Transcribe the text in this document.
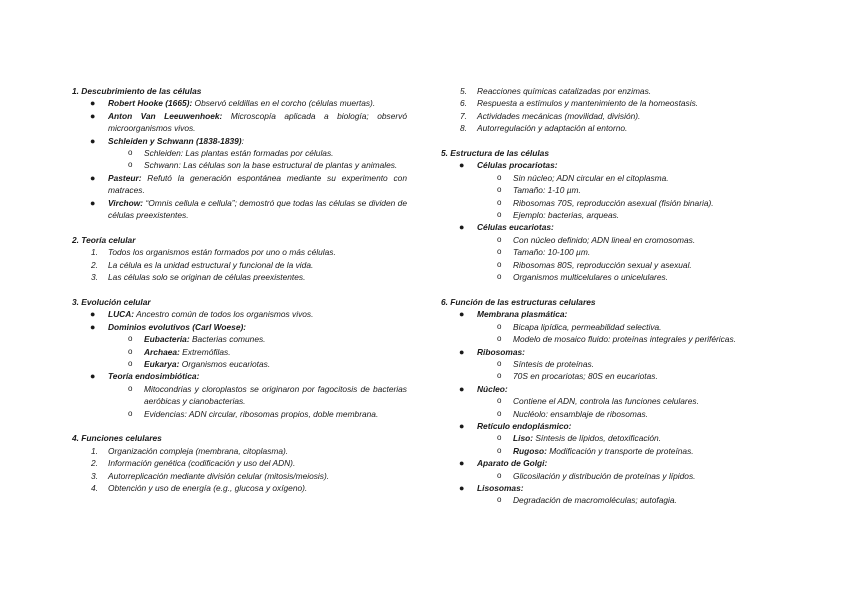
1. Descubrimiento de las células
● Robert Hooke (1665): Observó celdillas en el corcho (células muertas).
● Anton Van Leeuwenhoek: Microscopía aplicada a biología; observó microorganismos vivos.
● Schleiden y Schwann (1838-1839):
o Schleiden: Las plantas están formadas por células.
o Schwann: Las células son la base estructural de plantas y animales.
● Pasteur: Refutó la generación espontánea mediante su experimento con matraces.
● Virchow: “Omnis cellula e cellula”; demostró que todas las células se dividen de células preexistentes.
2. Teoría celular
1. Todos los organismos están formados por uno o más células.
2. La célula es la unidad estructural y funcional de la vida.
3. Las células solo se originan de células preexistentes.
3. Evolución celular
● LUCA: Ancestro común de todos los organismos vivos.
● Dominios evolutivos (Carl Woese):
o Eubacteria: Bacterias comunes.
o Archaea: Extremófilas.
o Eukarya: Organismos eucariotas.
● Teoría endosimbiótica:
o Mitocondrias y cloroplastos se originaron por fagocitosis de bacterias aeróbicas y cianobacterias.
o Evidencias: ADN circular, ribosomas propios, doble membrana.
4. Funciones celulares
1. Organización compleja (membrana, citoplasma).
2. Información genética (codificación y uso del ADN).
3. Autorreplicación mediante división celular (mitosis/meiosis).
4. Obtención y uso de energía (e.g., glucosa y oxígeno).
5. Reacciones químicas catalizadas por enzimas.
6. Respuesta a estímulos y mantenimiento de la homeostasis.
7. Actividades mecánicas (movilidad, división).
8. Autorregulación y adaptación al entorno.
5. Estructura de las células
● Células procariotas:
o Sin núcleo; ADN circular en el citoplasma.
o Tamaño: 1-10 µm.
o Ribosomas 70S, reproducción asexual (fisión binaria).
o Ejemplo: bacterias, arqueas.
● Células eucariotas:
o Con núcleo definido; ADN lineal en cromosomas.
o Tamaño: 10-100 µm.
o Ribosomas 80S, reproducción sexual y asexual.
o Organismos multicelulares o unicelulares.
6. Función de las estructuras celulares
● Membrana plasmática:
o Bicapa lipídica, permeabilidad selectiva.
o Modelo de mosaico fluido: proteínas integrales y periféricas.
● Ribosomas:
o Síntesis de proteínas.
o 70S en procariotas; 80S en eucariotas.
● Núcleo:
o Contiene el ADN, controla las funciones celulares.
o Nucléolo: ensamblaje de ribosomas.
● Retículo endoplásmico:
o Liso: Síntesis de lípidos, detoxificación.
o Rugoso: Modificación y transporte de proteínas.
● Aparato de Golgi:
o Glicosilación y distribución de proteínas y lípidos.
● Lisosomas:
o Degradación de macromoléculas; autofagia.
